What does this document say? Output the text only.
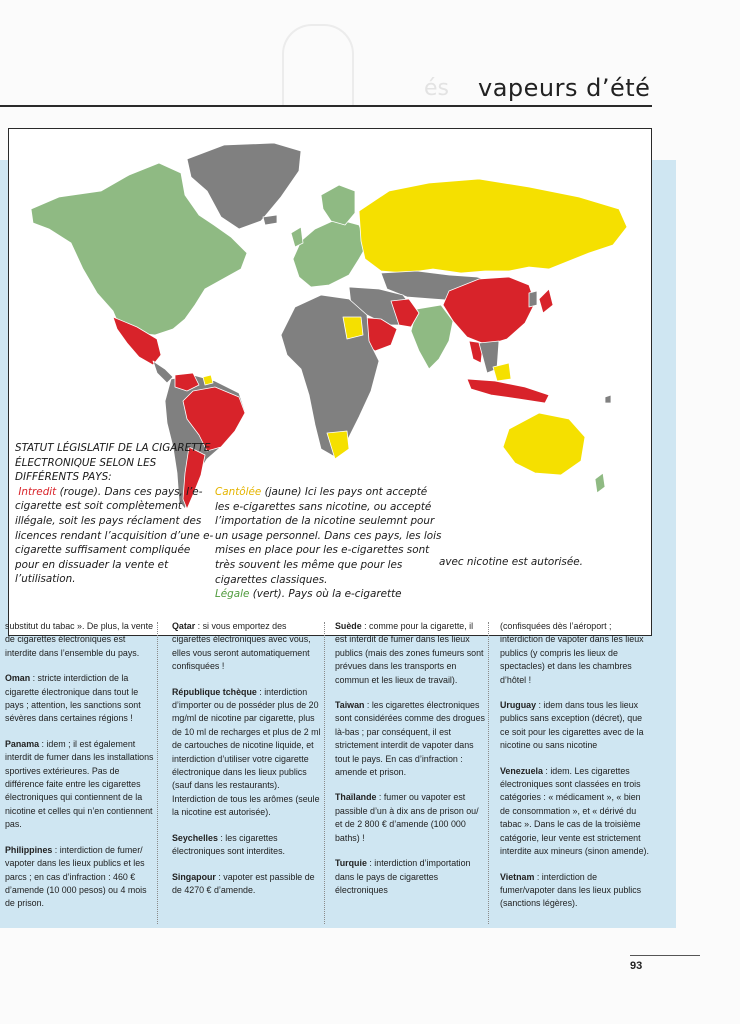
és vapeurs d’été
STATUT LÉGISLATIF DE LA CIGARETTE ÉLECTRONIQUE SELON LES DIFFÉRENTS PAYS:
Intredit (rouge). Dans ces pays, l’e-cigarette est soit complètement illégale, soit les pays réclament des licences rendant l’acquisition d’une e-cigarette suffisament compliquée pour en dissuader la vente et l’utilisation.
Cantôlée (jaune) Ici les pays ont accepté les e-cigarettes sans nicotine, ou accepté l’importation de la nicotine seulemnt pour un usage personnel. Dans ces pays, les lois mises en place pour les e-cigarettes sont très souvent les même que pour les cigarettes classiques.
Légale (vert). Pays où la e-cigarette
avec nicotine est autorisée.

substitut du tabac ». De plus, la vente de cigarettes électroniques est interdite dans l’ensemble du pays.

Oman : stricte interdiction de la cigarette électronique dans tout le pays ; attention, les sanctions sont sévères dans certaines régions !

Panama : idem ; il est également interdit de fumer dans les installations sportives extérieures. Pas de différence faite entre les cigarettes électroniques qui contiennent de la nicotine et celles qui n’en contiennent pas.

Philippines : interdiction de fumer/ vapoter dans les lieux publics et les parcs ; en cas d’infraction : 460 € d’amende (10 000 pesos) ou 4 mois de prison.

Qatar : si vous emportez des cigarettes électroniques avec vous, elles vous seront automatiquement confisquées !

République tchèque : interdiction d’importer ou de posséder plus de 20 mg/ml de nicotine par cigarette, plus de 10 ml de recharges et plus de 2 ml de cartouches de nicotine liquide, et interdiction d’utiliser votre cigarette électronique dans les lieux publics (sauf dans les restaurants). Interdiction de tous les arômes (seule la nicotine est autorisée).

Seychelles : les cigarettes électroniques sont interdites.

Singapour : vapoter est passible de de 4270 € d’amende.

Suède : comme pour la cigarette, il est interdit de fumer dans les lieux publics (mais des zones fumeurs sont prévues dans les transports en commun et les lieux de travail).

Taiwan : les cigarettes électroniques sont considérées comme des drogues là-bas ; par conséquent, il est strictement interdit de vapoter dans tout le pays. En cas d’infraction : amende et prison.

Thaïlande : fumer ou vapoter est passible d’un à dix ans de prison ou/ et de 2 800 € d’amende (100 000 baths) !

Turquie : interdiction d’importation dans le pays de cigarettes électroniques

(confisquées dès l’aéroport ; interdiction de vapoter dans les lieux publics (y compris les lieux de spectacles) et dans les chambres d’hôtel !

Uruguay : idem dans tous les lieux publics sans exception (décret), que ce soit pour les cigarettes avec de la nicotine ou sans nicotine

Venezuela : idem. Les cigarettes électroniques sont classées en trois catégories : « médicament », « bien de consommation », et « dérivé du tabac ». Dans le cas de la troisième catégorie, leur vente est strictement interdite aux mineurs (sinon amende).

Vietnam : interdiction de fumer/vapoter dans les lieux publics (sanctions légères).

93
